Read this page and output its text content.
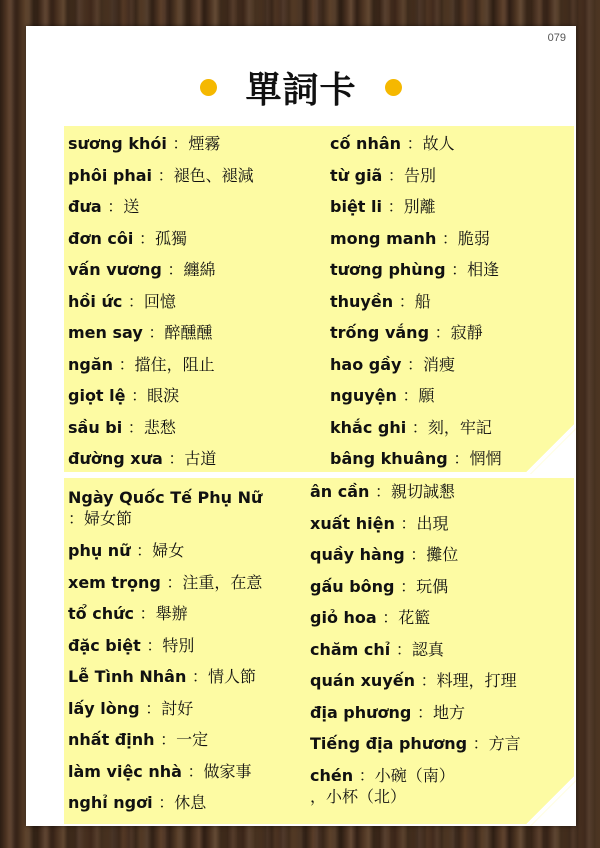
079
單詞卡
sương khói ：煙霧
phôi phai ：褪色、褪減
đưa ：送
đơn côi ：孤獨
vấn vương ：纏綿
hồi ức ：回憶
men say ：醉醺醺
ngăn ：擋住，阻止
giọt lệ ：眼淚
sầu bi ：悲愁
đường xưa ：古道
cố nhân ：故人
từ giã ：告別
biệt li ：別離
mong manh ：脆弱
tương phùng ：相逢
thuyền ：船
trống vắng ：寂靜
hao gầy ：消瘦
nguyện ：願
khắc ghi ：刻，牢記
bâng khuâng ：惘惘
Ngày Quốc Tế Phụ Nữ
：婦女節
phụ nữ ：婦女
xem trọng ：注重，在意
tổ chức ：舉辦
đặc biệt ：特別
Lễ Tình Nhân ：情人節
lấy lòng ：討好
nhất định ：一定
làm việc nhà ：做家事
nghỉ ngơi ：休息
ân cần ：親切誠懇
xuất hiện ：出現
quầy hàng ：攤位
gấu bông ：玩偶
giỏ hoa ：花籃
chăm chỉ ：認真
quán xuyến ：料理，打理
địa phương ：地方
Tiếng địa phương ：方言
chén ：小碗（南）
，小杯（北）
